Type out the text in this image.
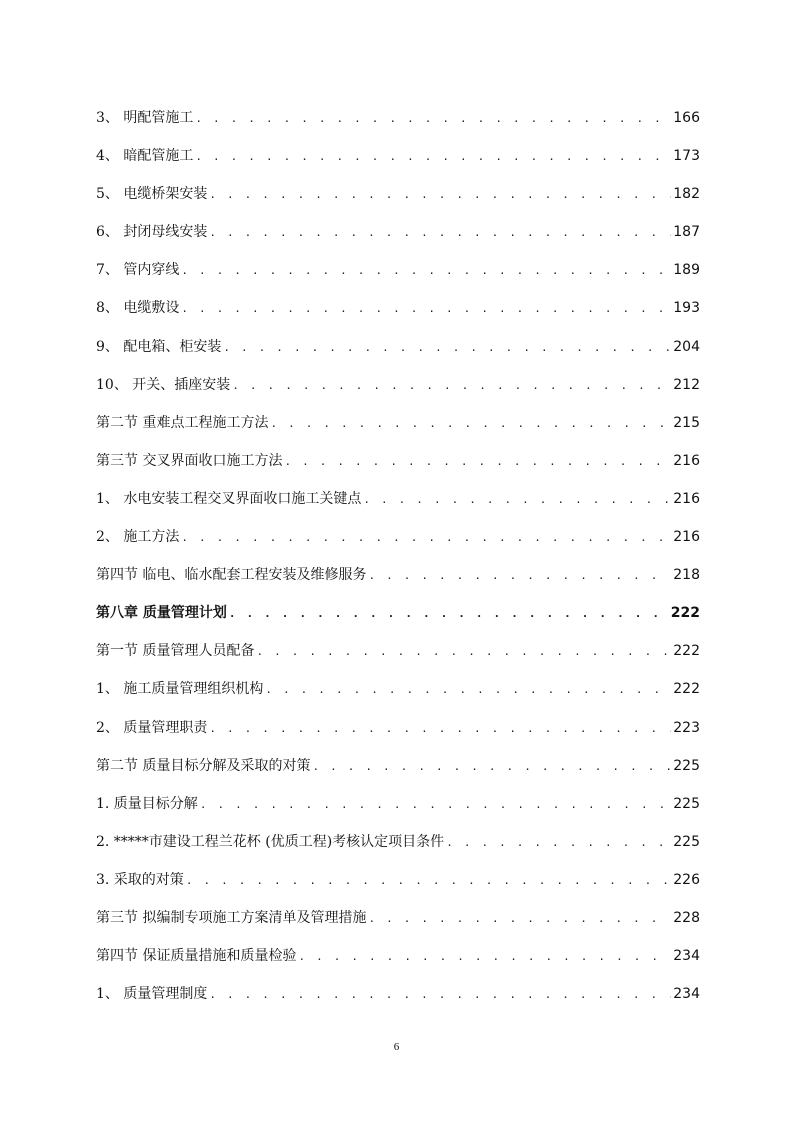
3、 明配管施工 . . .	166
4、 暗配管施工 . . .	173
5、 电缆桥架安装 . . .	182
6、 封闭母线安装 . . .	187
7、 管内穿线 . . .	189
8、 电缆敷设 . . .	193
9、 配电箱、柜安装 . . .	204
10、 开关、插座安装 . . .	212
第二节 重难点工程施工方法 . . .	215
第三节 交叉界面收口施工方法 . . .	216
1、 水电安装工程交叉界面收口施工关键点 . . .	216
2、 施工方法 . . .	216
第四节 临电、临水配套工程安装及维修服务 . . .	218
第八章 质量管理计划 . . .	222
第一节 质量管理人员配备 . . .	222
1、 施工质量管理组织机构 . . .	222
2、 质量管理职责 . . .	223
第二节 质量目标分解及采取的对策 . . .	225
1. 质量目标分解 . . .	225
2. *****市建设工程兰花杯 (优质工程)考核认定项目条件 . . .	225
3. 采取的对策 . . .	226
第三节 拟编制专项施工方案清单及管理措施 . . .	228
第四节 保证质量措施和质量检验 . . .	234
1、 质量管理制度 . . .	234
6
